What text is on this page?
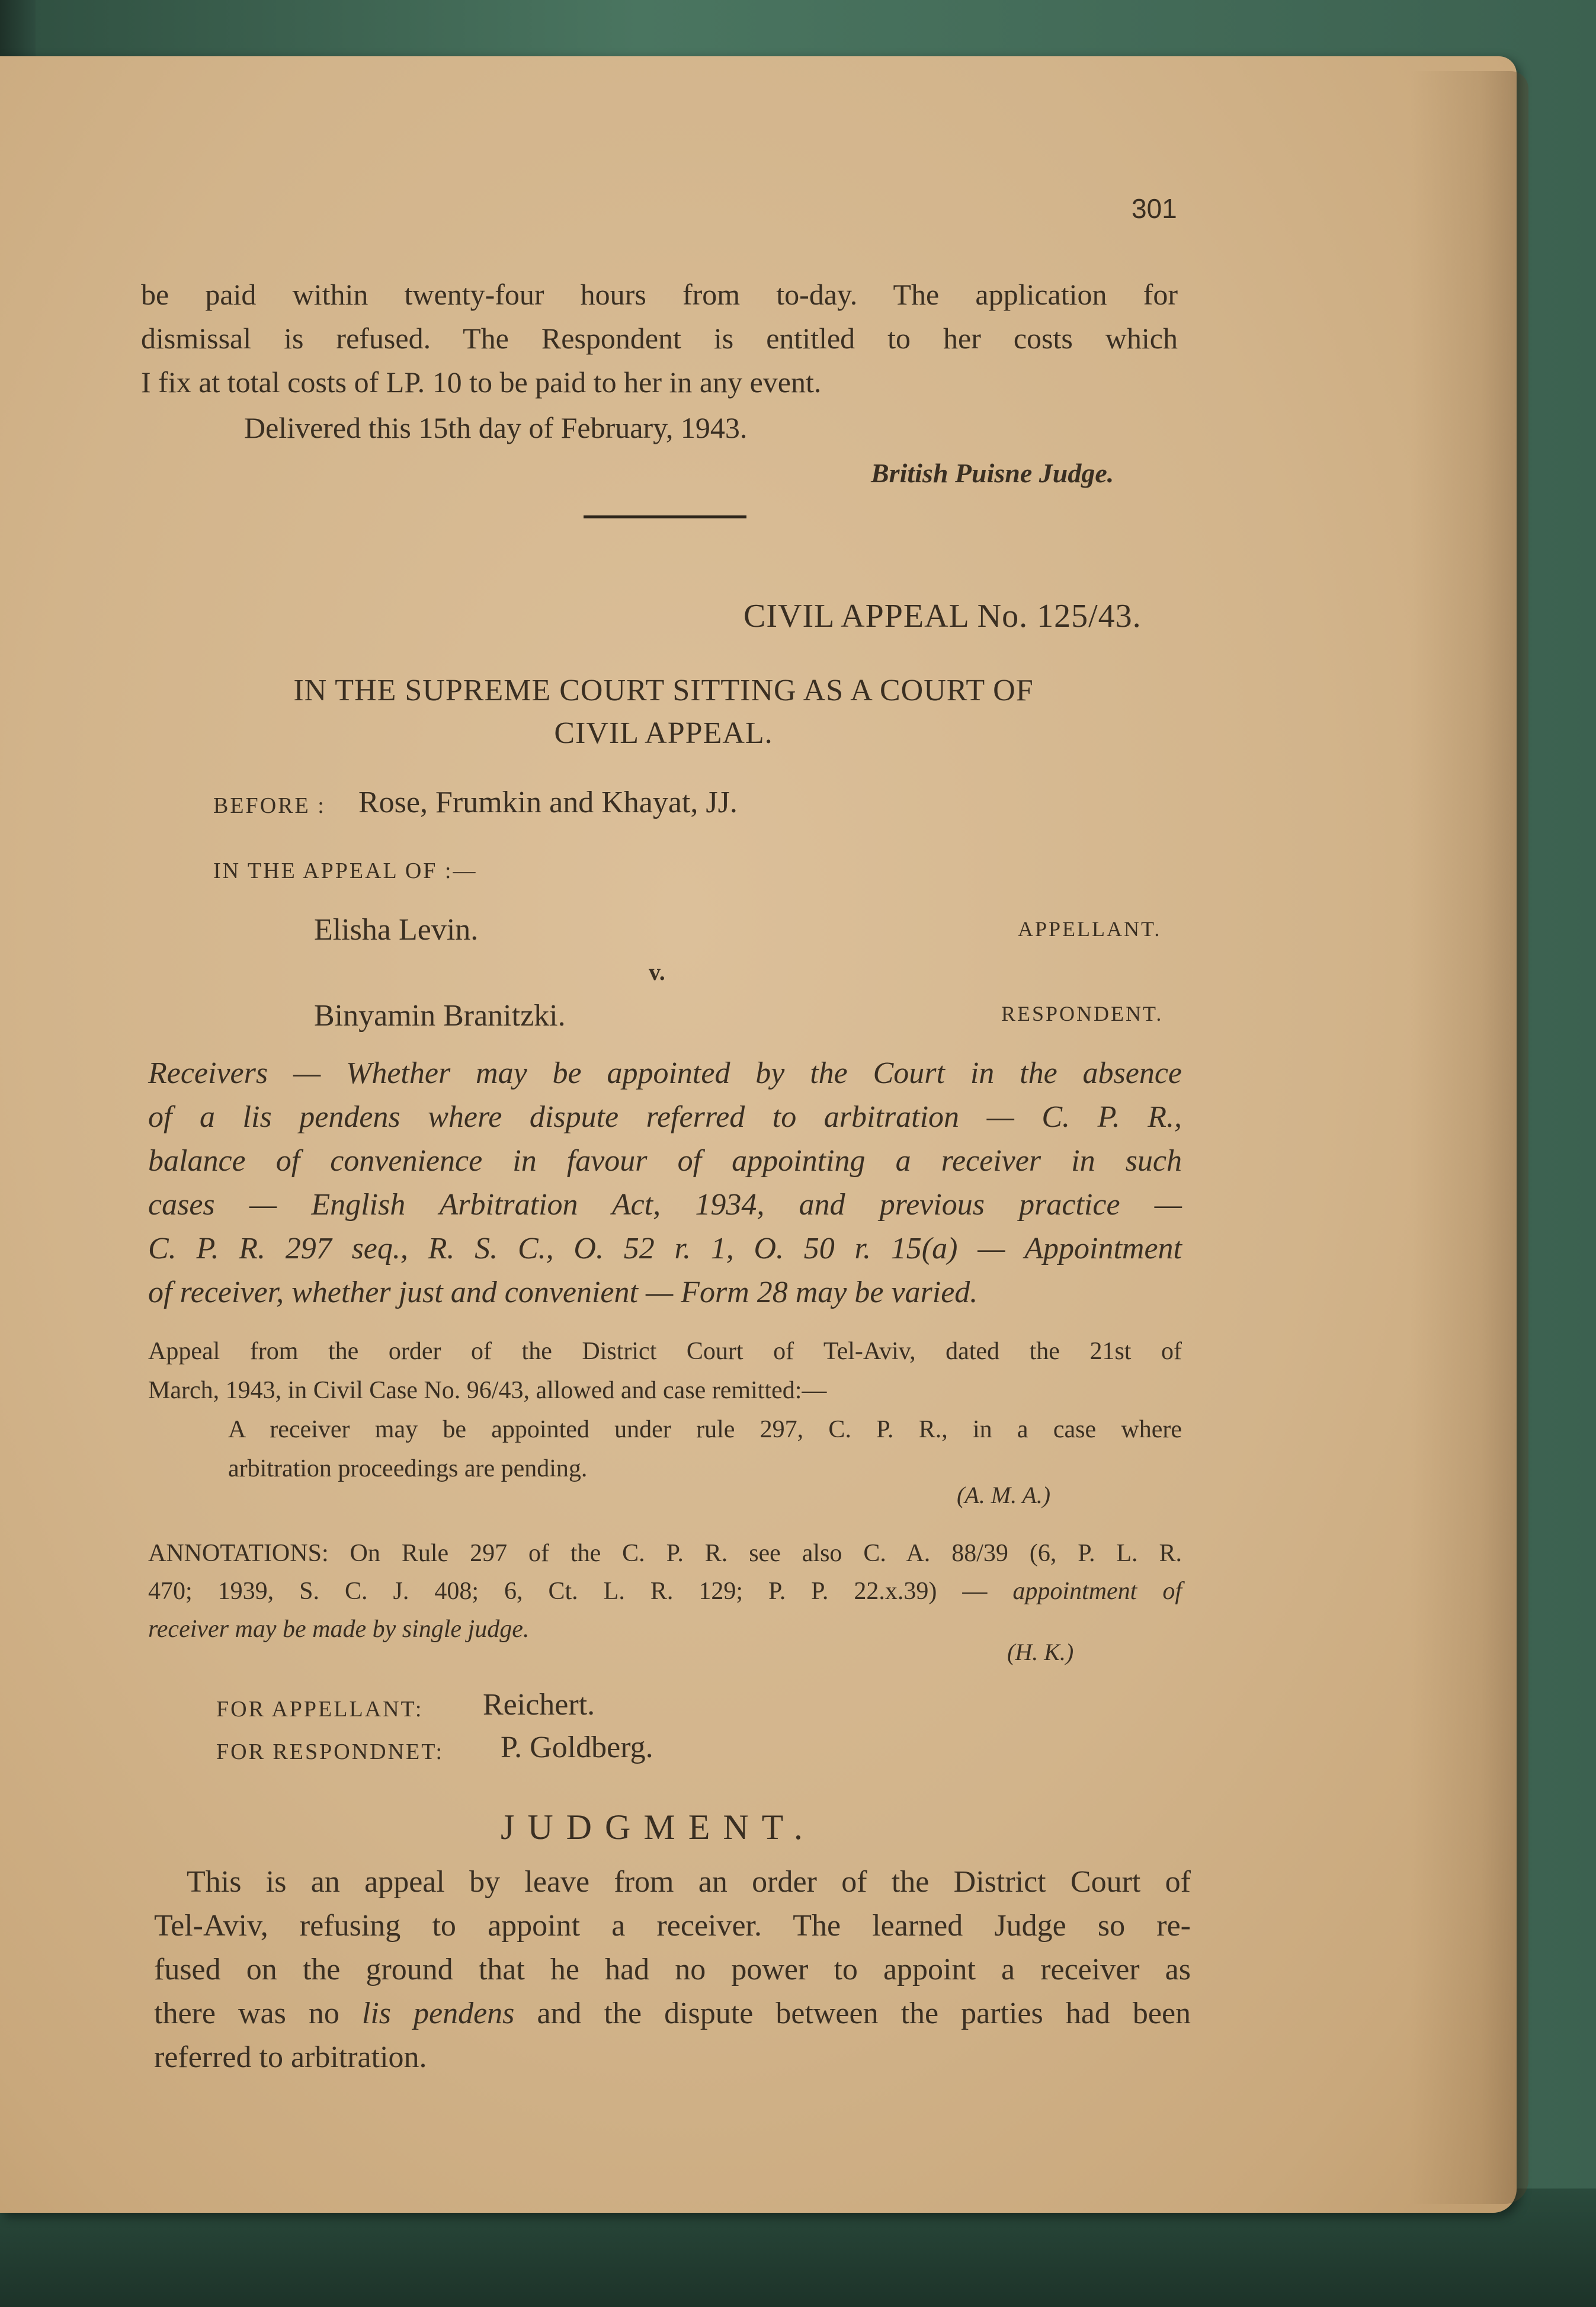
301
be paid within twenty-four hours from to-day. The application for
dismissal is refused. The Respondent is entitled to her costs which
I fix at total costs of LP. 10 to be paid to her in any event.
Delivered this 15th day of February, 1943.
British Puisne Judge.
CIVIL APPEAL No. 125/43.
IN THE SUPREME COURT SITTING AS A COURT OF
CIVIL APPEAL.
BEFORE : Rose, Frumkin and Khayat, JJ.
IN THE APPEAL OF :—
Elisha Levin.	APPELLANT.
v.
Binyamin Branitzki.	RESPONDENT.
Receivers — Whether may be appointed by the Court in the absence
of a lis pendens where dispute referred to arbitration — C. P. R.,
balance of convenience in favour of appointing a receiver in such
cases — English Arbitration Act, 1934, and previous practice —
C. P. R. 297 seq., R. S. C., O. 52 r. 1, O. 50 r. 15(a) — Appointment
of receiver, whether just and convenient — Form 28 may be varied.
Appeal from the order of the District Court of Tel-Aviv, dated the 21st of
March, 1943, in Civil Case No. 96/43, allowed and case remitted:—
A receiver may be appointed under rule 297, C. P. R., in a case where
arbitration proceedings are pending.
(A. M. A.)
ANNOTATIONS: On Rule 297 of the C. P. R. see also C. A. 88/39 (6, P. L. R.
470; 1939, S. C. J. 408; 6, Ct. L. R. 129; P. P. 22.x.39) — appointment of
receiver may be made by single judge.
(H. K.)
FOR APPELLANT: Reichert.
FOR RESPONDNET: P. Goldberg.
JUDGMENT.
This is an appeal by leave from an order of the District Court of
Tel-Aviv, refusing to appoint a receiver. The learned Judge so re-
fused on the ground that he had no power to appoint a receiver as
there was no lis pendens and the dispute between the parties had been
referred to arbitration.
